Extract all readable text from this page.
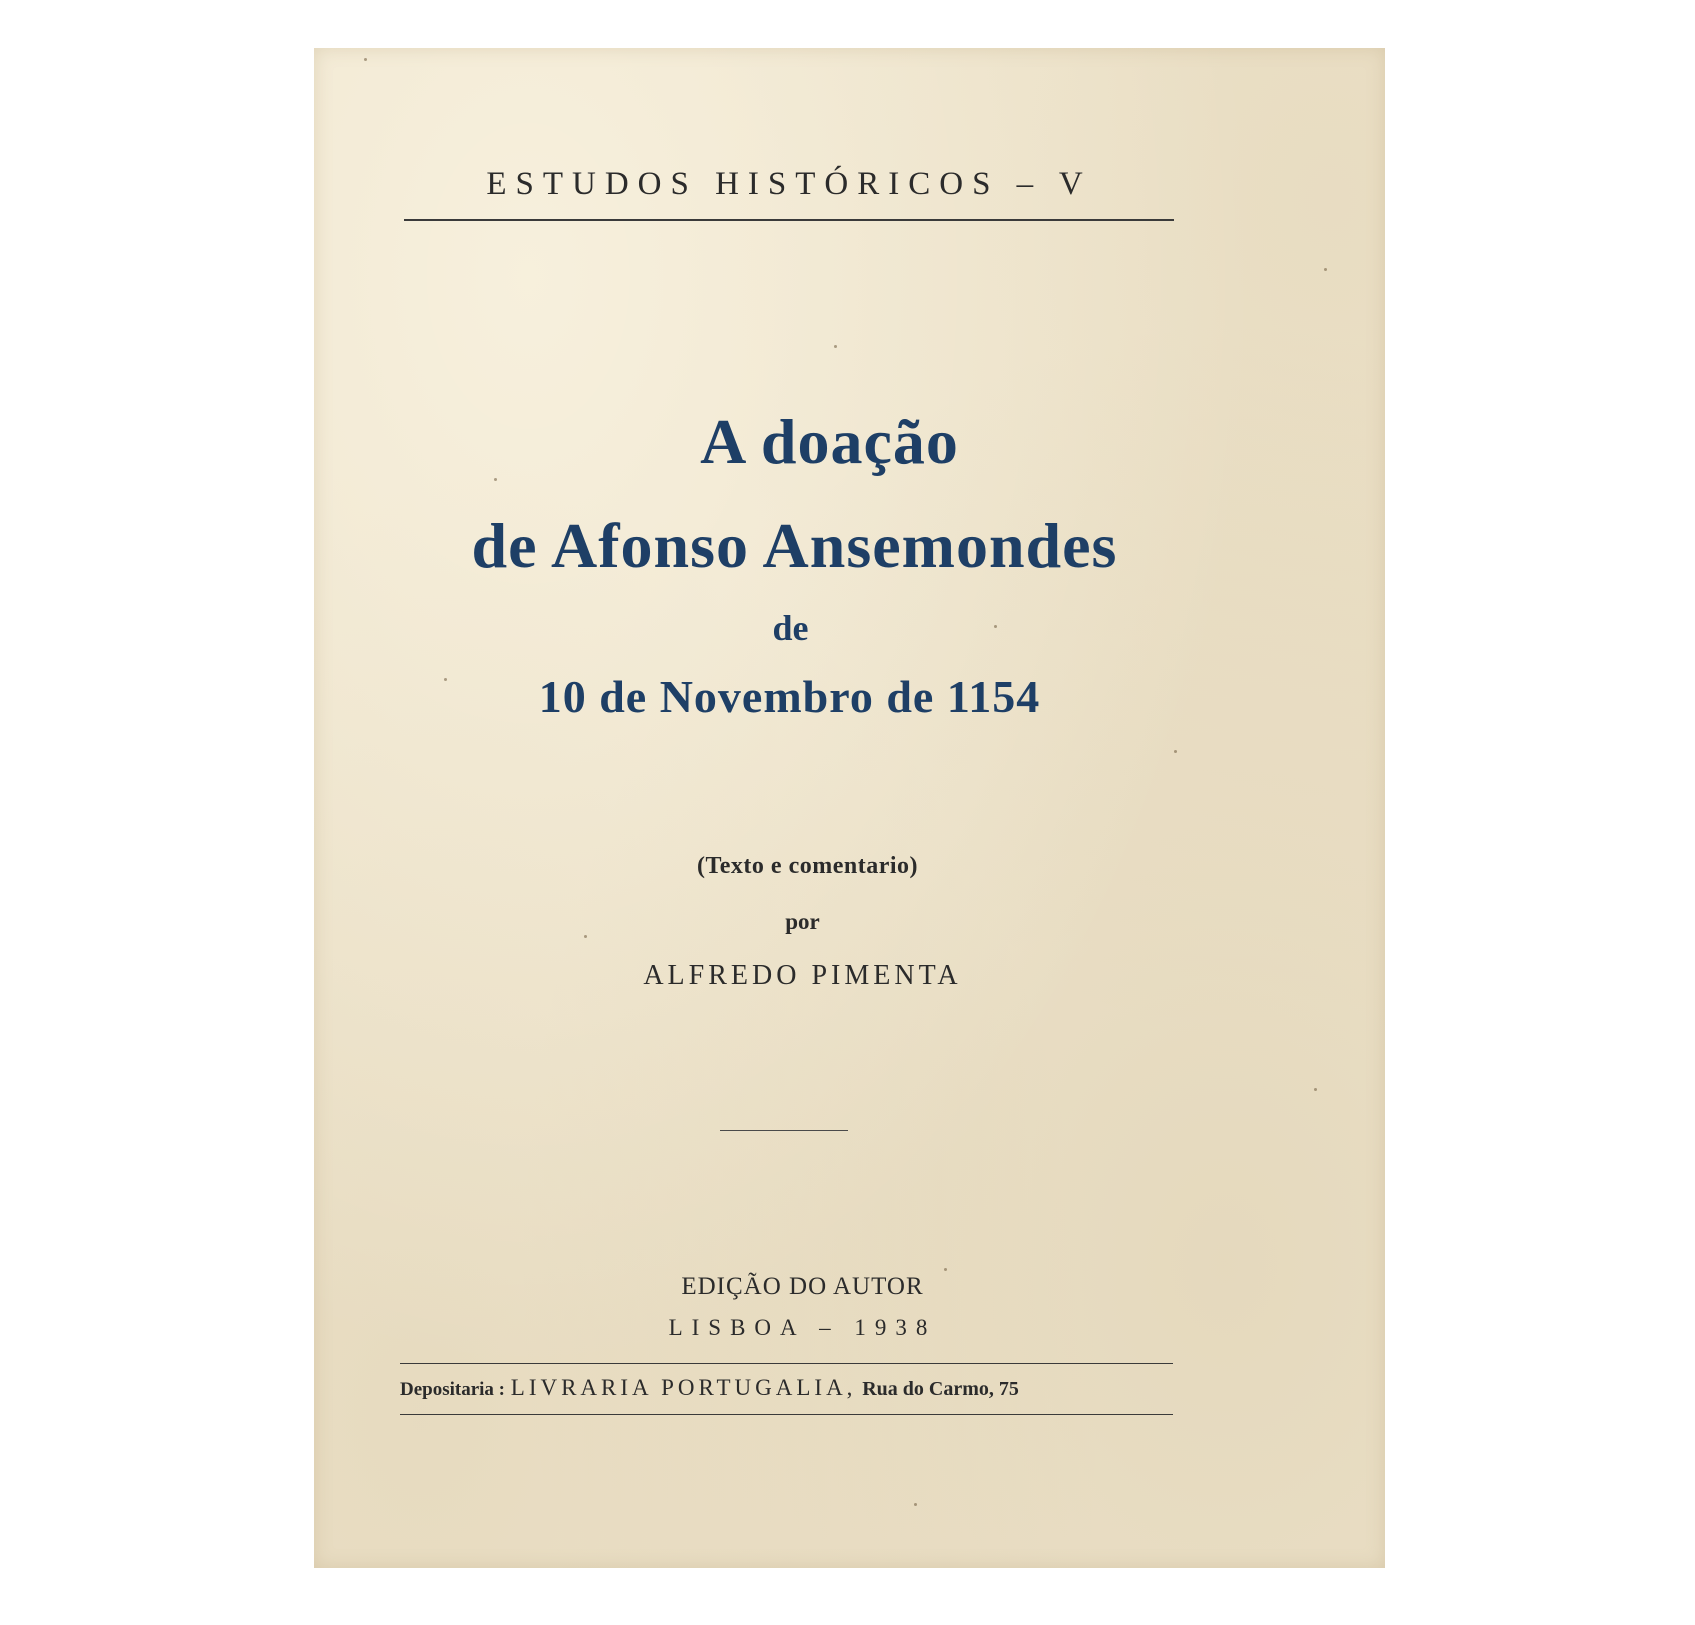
ESTUDOS HISTÓRICOS – V
A doação
de Afonso Ansemondes
de
10 de Novembro de 1154
(Texto e comentario)
por
ALFREDO PIMENTA
EDIÇÃO DO AUTOR
LISBOA – 1938
Depositaria : LIVRARIA PORTUGALIA, Rua do Carmo, 75
